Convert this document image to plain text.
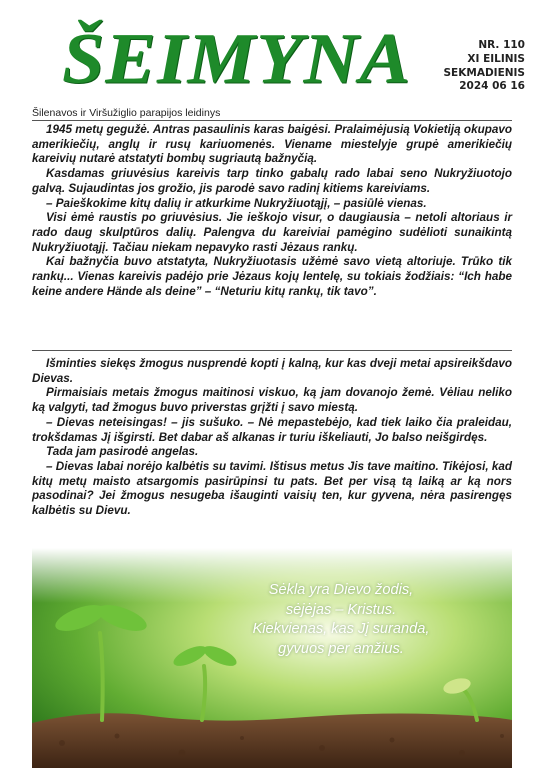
ŠEIMYNA	NR. 110
XI EILINIS
SEKMADIENIS
2024 06 16
Šilenavos ir Viršužiglio parapijos leidinys

1945 metų gegužė. Antras pasaulinis karas baigėsi. Pralaimėjusią Vokietiją okupavo amerikiečių, anglų ir rusų kariuomenės. Viename miestelyje grupė amerikiečių kareivių nutarė atstatyti bombų sugriautą bažnyčią.

Kasdamas griuvėsius kareivis tarp tinko gabalų rado labai seno Nukryžiuotojo galvą. Sujaudintas jos grožio, jis parodė savo radinį kitiems kareiviams.

– Paieškokime kitų dalių ir atkurkime Nukryžiuotąjį, – pasiūlė vienas.

Visi ėmė raustis po griuvėsius. Jie ieškojo visur, o daugiausia – netoli altoriaus ir rado daug skulptūros dalių. Palengva du kareiviai pamėgino sudėlioti sunaikintą Nukryžiuotąjį. Tačiau niekam nepavyko rasti Jėzaus rankų.

Kai bažnyčia buvo atstatyta, Nukryžiuotasis užėmė savo vietą altoriuje. Trūko tik rankų... Vienas kareivis padėjo prie Jėzaus kojų lentelę, su tokiais žodžiais: “Ich habe keine andere Hände als deine” – “Neturiu kitų rankų, tik tavo”.

Išminties siekęs žmogus nusprendė kopti į kalną, kur kas dveji metai apsireikšdavo Dievas.

Pirmaisiais metais žmogus maitinosi viskuo, ką jam dovanojo žemė. Vėliau neliko ką valgyti, tad žmogus buvo priverstas grįžti į savo miestą.

– Dievas neteisingas! – jis sušuko. – Nė mepastebėjo, kad tiek laiko čia praleidau, trokšdamas Jį išgirsti. Bet dabar aš alkanas ir turiu iškeliauti, Jo balso neišgirdęs.

Tada jam pasirodė angelas.

– Dievas labai norėjo kalbėtis su tavimi. Ištisus metus Jis tave maitino. Tikėjosi, kad kitų metų maisto atsargomis pasirūpinsi tu pats. Bet per visą tą laiką ar ką nors pasodinai? Jei žmogus nesugeba išauginti vaisių ten, kur gyvena, nėra pasirengęs kalbėtis su Dievu.

Sėkla yra Dievo žodis,
sėjėjas – Kristus.
Kiekvienas, kas Jį suranda,
gyvuos per amžius.
